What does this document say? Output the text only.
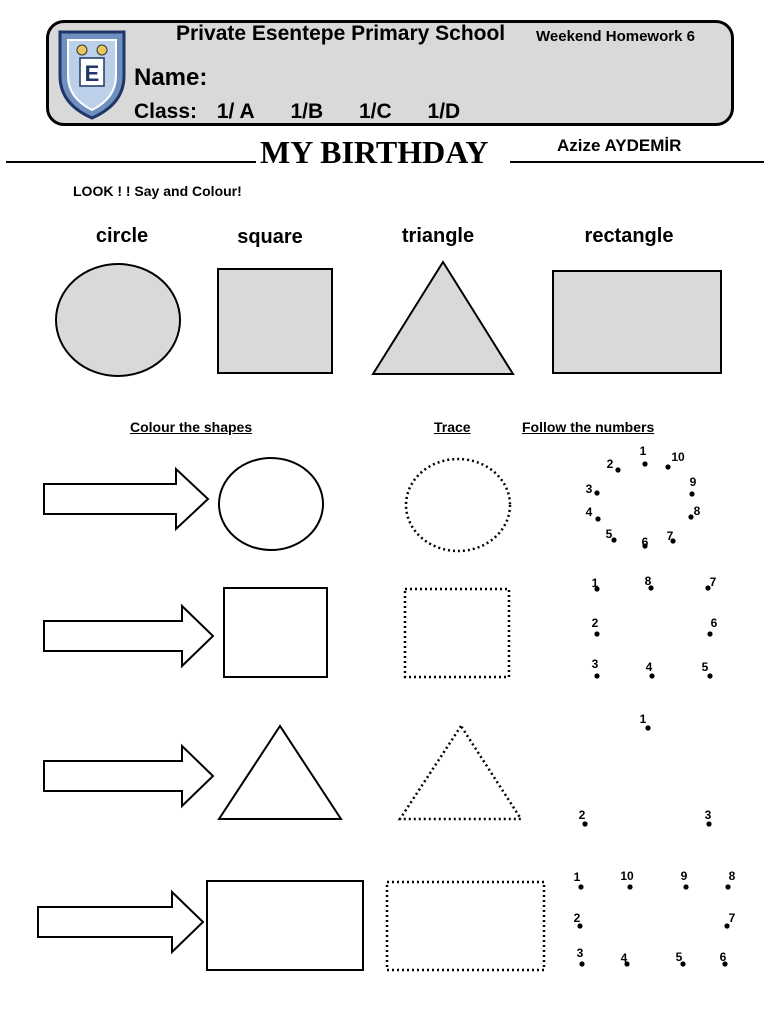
E
Private Esentepe Primary School Weekend Homework 6
Name:
Class: 1/ A 1/B 1/C 1/D
MY BIRTHDAY	Azize AYDEMİR
LOOK ! ! Say and Colour!
circle	square	triangle	rectangle
Colour the shapes	Trace	Follow the numbers
1
2
3
4
5
6 7
8
9
10
1
2
3	4	5
6
7
8
1
2	3
1
2
3	4	5	6
7
8
9
10
